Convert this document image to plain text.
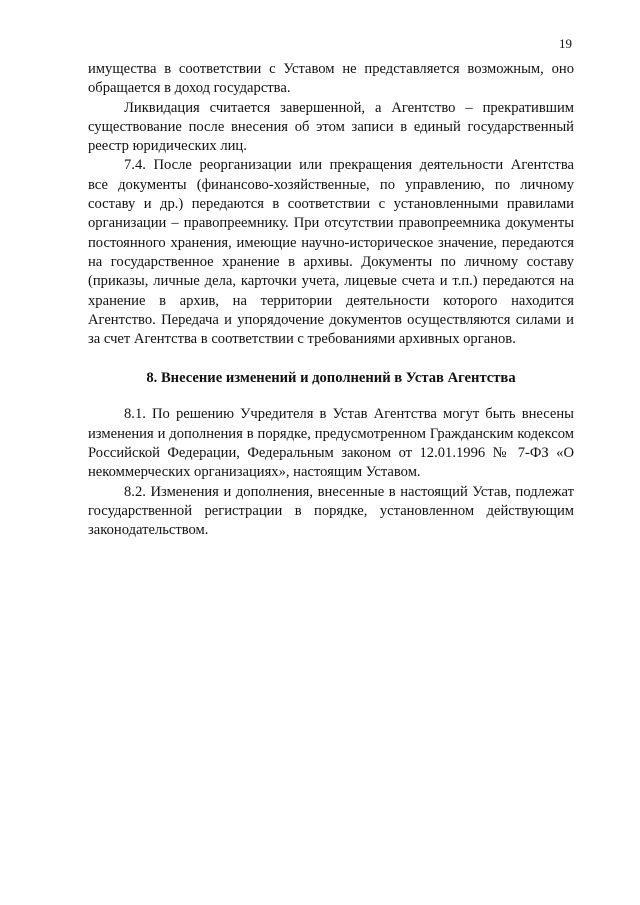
19

имущества в соответствии с Уставом не представляется возможным, оно обращается в доход государства.

Ликвидация считается завершенной, а Агентство – прекратившим существование после внесения об этом записи в единый государственный реестр юридических лиц.

7.4. После реорганизации или прекращения деятельности Агентства все документы (финансово-хозяйственные, по управлению, по личному составу и др.) передаются в соответствии с установленными правилами организации – правопреемнику. При отсутствии правопреемника документы постоянного хранения, имеющие научно-историческое значение, передаются на государственное хранение в архивы. Документы по личному составу (приказы, личные дела, карточки учета, лицевые счета и т.п.) передаются на хранение в архив, на территории деятельности которого находится Агентство. Передача и упорядочение документов осуществляются силами и за счет Агентства в соответствии с требованиями архивных органов.

8. Внесение изменений и дополнений в Устав Агентства

8.1. По решению Учредителя в Устав Агентства могут быть внесены изменения и дополнения в порядке, предусмотренном Гражданским кодексом Российской Федерации, Федеральным законом от 12.01.1996 № 7-ФЗ «О некоммерческих организациях», настоящим Уставом.

8.2. Изменения и дополнения, внесенные в настоящий Устав, подлежат государственной регистрации в порядке, установленном действующим законодательством.
